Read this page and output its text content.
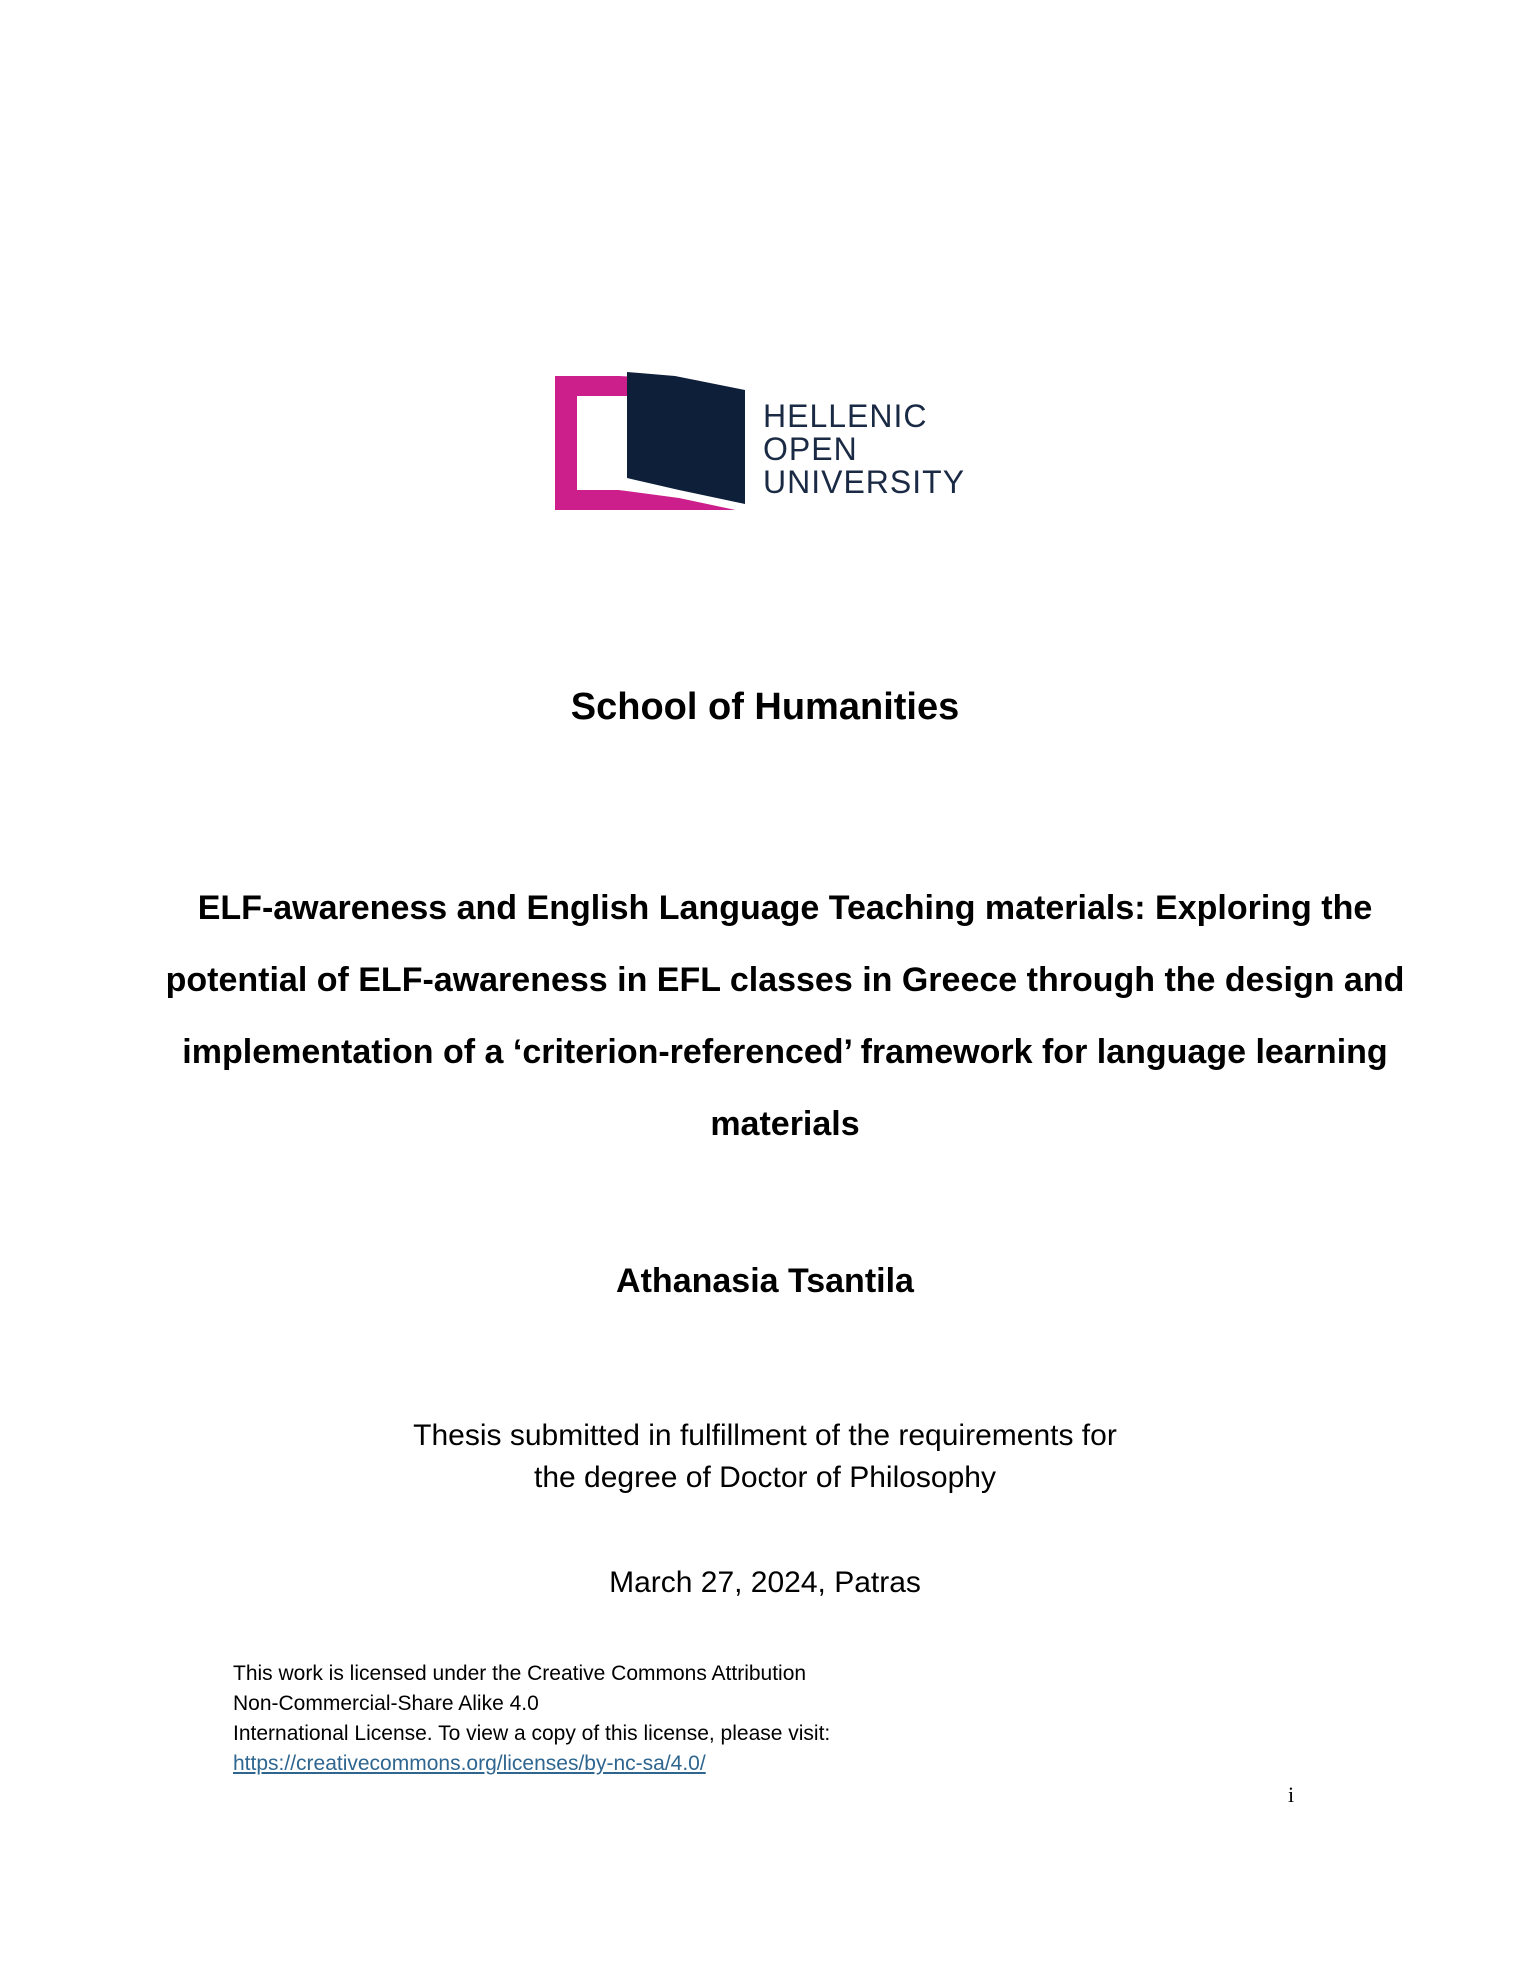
HELLENIC
OPEN
UNIVERSITY
School of Humanities
ELF-awareness and English Language Teaching materials: Exploring the potential of ELF-awareness in EFL classes in Greece through the design and implementation of a ‘criterion-referenced’ framework for language learning materials
Athanasia Tsantila
Thesis submitted in fulfillment of the requirements for
the degree of Doctor of Philosophy
March 27, 2024, Patras
This work is licensed under the Creative Commons Attribution
Non-Commercial-Share Alike 4.0
International License. To view a copy of this license, please visit:
https://creativecommons.org/licenses/by-nc-sa/4.0/
i
